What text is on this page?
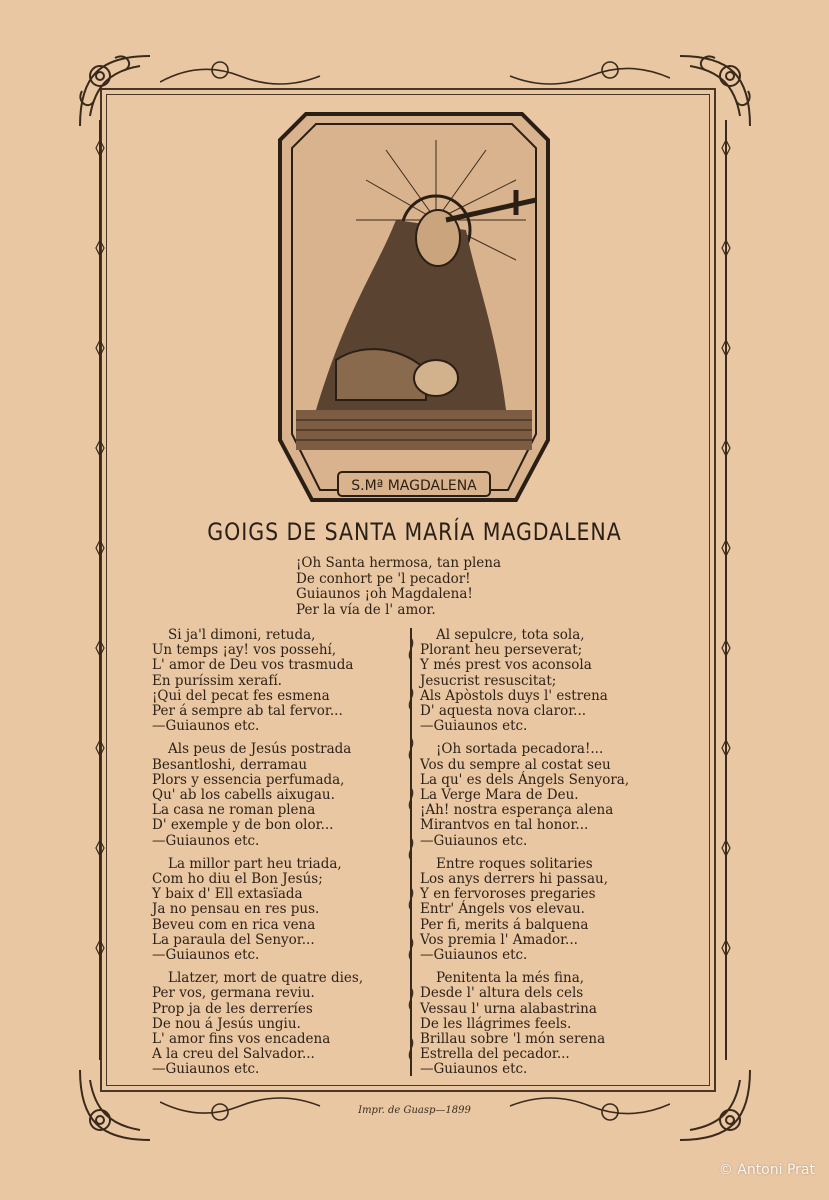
S.Mª MAGDALENA
GOIGS DE SANTA MARÍA MAGDALENA
¡Oh Santa hermosa, tan plena
De conhort pe 'l pecador!
Guiaunos ¡oh Magdalena!
Per la vía de l' amor.
Si ja'l dimoni, retuda,
Un temps ¡ay! vos possehí,
L' amor de Deu vos trasmuda
En puríssim xerafí.
¡Qui del pecat fes esmena
Per á sempre ab tal fervor...
—Guiaunos etc.
Als peus de Jesús postrada
Besantloshi, derramau
Plors y essencia perfumada,
Qu' ab los cabells aixugau.
La casa ne roman plena
D' exemple y de bon olor...
—Guiaunos etc.
La millor part heu triada,
Com ho diu el Bon Jesús;
Y baix d' Ell extasïada
Ja no pensau en res pus.
Beveu com en rica vena
La paraula del Senyor...
—Guiaunos etc.
Llatzer, mort de quatre dies,
Per vos, germana reviu.
Prop ja de les derreríes
De nou á Jesús ungiu.
L' amor fins vos encadena
A la creu del Salvador...
—Guiaunos etc.
Al sepulcre, tota sola,
Plorant heu perseverat;
Y més prest vos aconsola
Jesucrist resuscitat;
Als Apòstols duys l' estrena
D' aquesta nova claror...
—Guiaunos etc.
¡Oh sortada pecadora!...
Vos du sempre al costat seu
La qu' es dels Ángels Senyora,
La Verge Mara de Deu.
¡Ah! nostra esperança alena
Mirantvos en tal honor...
—Guiaunos etc.
Entre roques solitaries
Los anys derrers hi passau,
Y en fervoroses pregaries
Entr' Ángels vos elevau.
Per fi, merits á balquena
Vos premia l' Amador...
—Guiaunos etc.
Penitenta la més fina,
Desde l' altura dels cels
Vessau l' urna alabastrina
De les llágrimes feels.
Brillau sobre 'l món serena
Estrella del pecador...
—Guiaunos etc.
Impr. de Guasp—1899
© Antoni Prat
